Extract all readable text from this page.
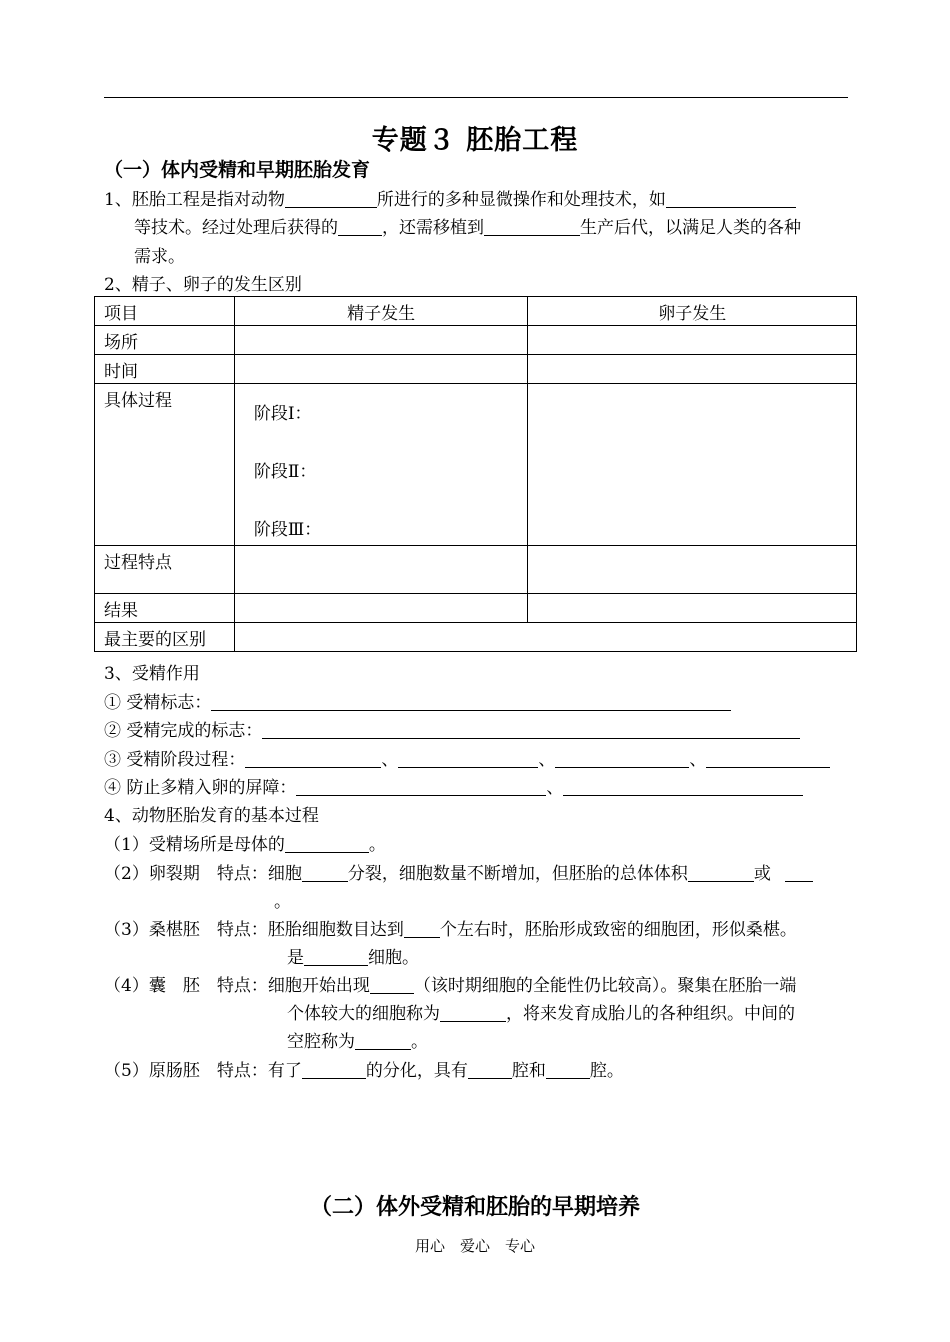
专题３ 胚胎工程
（一）体内受精和早期胚胎发育
1、胚胎工程是指对动物	所进行的多种显微操作和处理技术，如
等技术。经过处理后获得的	，还需移植到	生产后代，以满足人类的各种
需求。
2、精子、卵子的发生区别
项目	精子发生	卵子发生
场所		
时间		
具体过程	阶段Ⅰ：
阶段Ⅱ：
阶段Ⅲ：	

过程特点		
结果		
最主要的区别		
3、受精作用
① 受精标志：
② 受精完成的标志：
③ 受精阶段过程：	、	、	、
④ 防止多精入卵的屏障：	、
4、动物胚胎发育的基本过程
（1）受精场所是母体的	。
（2）卵裂期　特点：细胞	分裂，细胞数量不断增加，但胚胎的总体体积	或
。
（3）桑椹胚　特点：胚胎细胞数目达到 个左右时，胚胎形成致密的细胞团，形似桑椹。
是	细胞。
（4）囊　胚　特点：细胞开始出现	（该时期细胞的全能性仍比较高）。聚集在胚胎一端
个体较大的细胞称为	，将来发育成胎儿的各种组织。中间的
空腔称为	。
（5）原肠胚　特点：有了	的分化，具有	腔和	腔。
（二）体外受精和胚胎的早期培养
用心　爱心　专心
